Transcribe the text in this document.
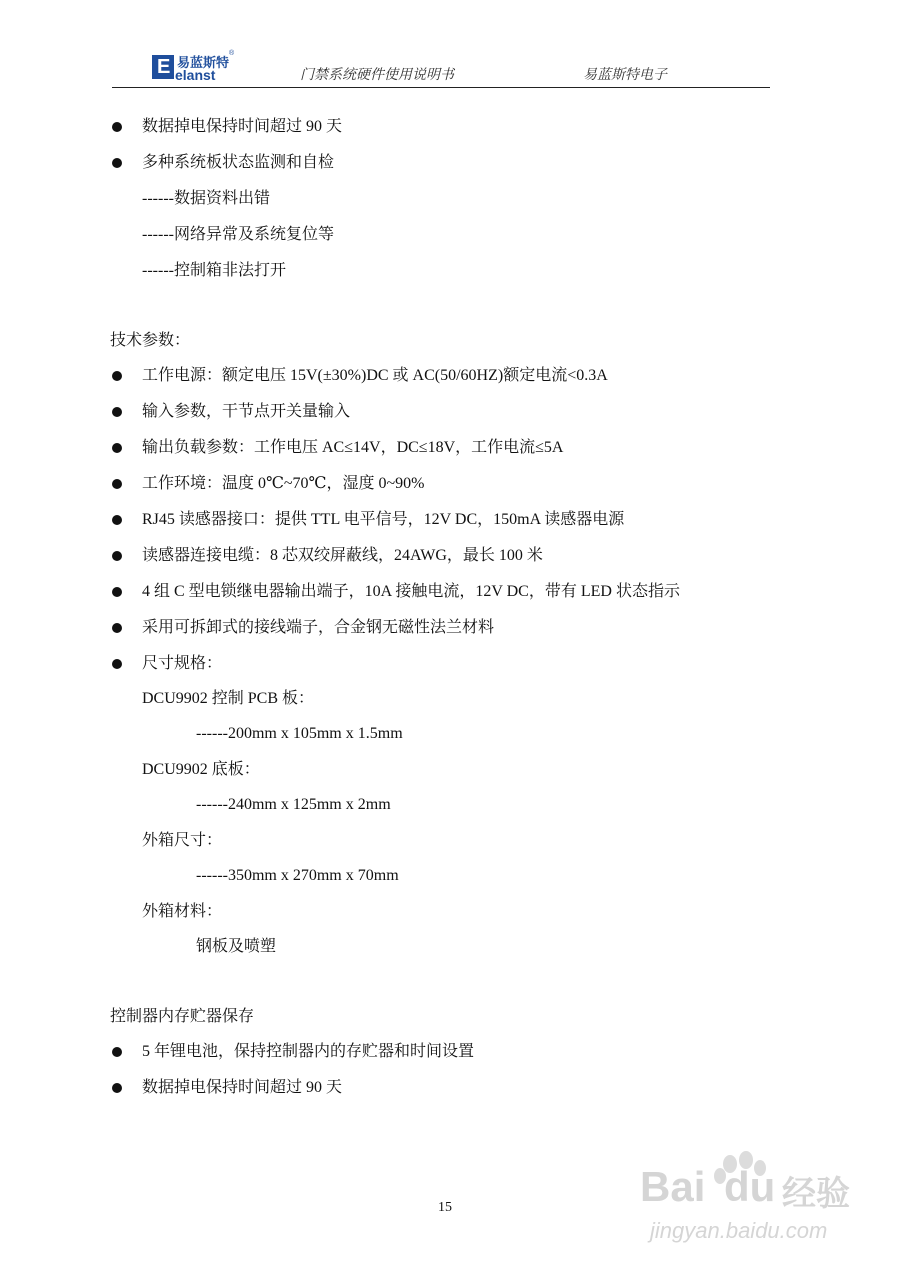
E 易蓝斯特
elanst
®
门禁系统硬件使用说明书	易蓝斯特电子
数据掉电保持时间超过 90 天
多种系统板状态监测和自检
------数据资料出错
------网络异常及系统复位等
------控制箱非法打开
技术参数：
工作电源：额定电压 15V(±30%)DC 或 AC(50/60HZ)额定电流<0.3A
输入参数，干节点开关量输入
输出负载参数：工作电压 AC≤14V，DC≤18V，工作电流≤5A
工作环境：温度 0℃~70℃，湿度 0~90%
RJ45 读感器接口：提供 TTL 电平信号，12V DC，150mA 读感器电源
读感器连接电缆：8 芯双绞屏蔽线，24AWG，最长 100 米
4 组 C 型电锁继电器输出端子，10A 接触电流，12V DC，带有 LED 状态指示
采用可拆卸式的接线端子，合金钢无磁性法兰材料
尺寸规格：
DCU9902 控制 PCB 板：
------200mm x 105mm x 1.5mm
DCU9902 底板：
------240mm x 125mm x 2mm
外箱尺寸：
------350mm x 270mm x 70mm
外箱材料：
钢板及喷塑
控制器内存贮器保存
5 年锂电池，保持控制器内的存贮器和时间设置
数据掉电保持时间超过 90 天
15	Bai du 经验
jingyan.baidu.com
